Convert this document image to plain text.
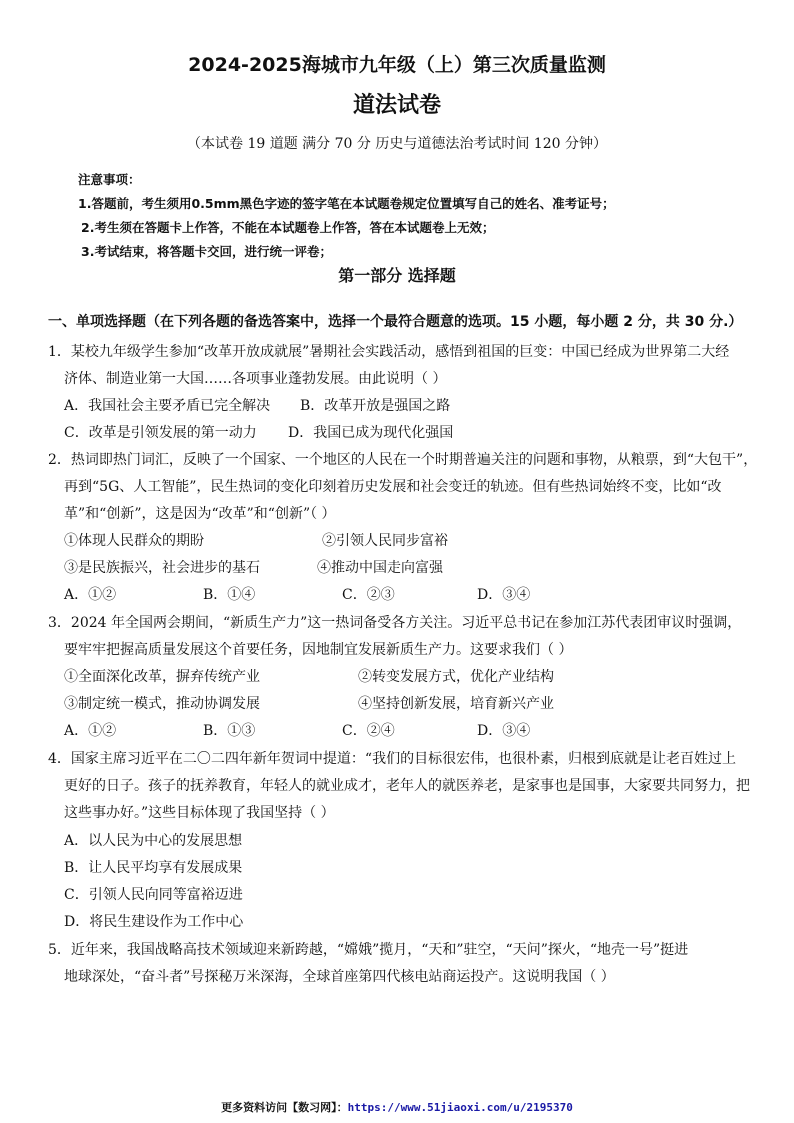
2024-2025海城市九年级（上）第三次质量监测
道法试卷
（本试卷 19 道题 满分 70 分 历史与道德法治考试时间 120 分钟）
注意事项：
1.答题前，考生须用0.5mm黑色字迹的签字笔在本试题卷规定位置填写自己的姓名、准考证号；
2.考生须在答题卡上作答，不能在本试题卷上作答，答在本试题卷上无效；
3.考试结束，将答题卡交回，进行统一评卷；
第一部分 选择题
一、单项选择题（在下列各题的备选答案中，选择一个最符合题意的选项。15 小题，每小题 2 分，共 30 分.）
1．某校九年级学生参加“改革开放成就展”暑期社会实践活动，感悟到祖国的巨变：中国已经成为世界第二大经
济体、制造业第一大国……各项事业蓬勃发展。由此说明（ ）
A．我国社会主要矛盾已完全解决 B．改革开放是强国之路
C．改革是引领发展的第一动力 D．我国已成为现代化强国
2．热词即热门词汇，反映了一个国家、一个地区的人民在一个时期普遍关注的问题和事物，从粮票，到“大包干”，
再到“5G、人工智能”，民生热词的变化印刻着历史发展和社会变迁的轨迹。但有些热词始终不变，比如“改
革”和“创新”，这是因为“改革”和“创新”（ ）
①体现人民群众的期盼	②引领人民同步富裕
③是民族振兴，社会进步的基石	④推动中国走向富强
A．①②	B．①④	C．②③	D．③④
3．2024 年全国两会期间，“新质生产力”这一热词备受各方关注。习近平总书记在参加江苏代表团审议时强调，
要牢牢把握高质量发展这个首要任务，因地制宜发展新质生产力。这要求我们（ ）
①全面深化改革，摒弃传统产业	②转变发展方式，优化产业结构
③制定统一模式，推动协调发展	④坚持创新发展，培育新兴产业
A．①②	B．①③	C．②④	D．③④
4．国家主席习近平在二〇二四年新年贺词中提道：“我们的目标很宏伟，也很朴素，归根到底就是让老百姓过上
更好的日子。孩子的抚养教育，年轻人的就业成才，老年人的就医养老，是家事也是国事，大家要共同努力，把
这些事办好。”这些目标体现了我国坚持（ ）
A．以人民为中心的发展思想
B．让人民平均享有发展成果
C．引领人民向同等富裕迈进
D．将民生建设作为工作中心
5．近年来，我国战略高技术领域迎来新跨越，“嫦娥”揽月，“天和”驻空，“天问”探火，“地壳一号”挺进
地球深处，“奋斗者”号探秘万米深海，全球首座第四代核电站商运投产。这说明我国（ ）
更多资料访问【数习网】：https://www.51jiaoxi.com/u/2195370
